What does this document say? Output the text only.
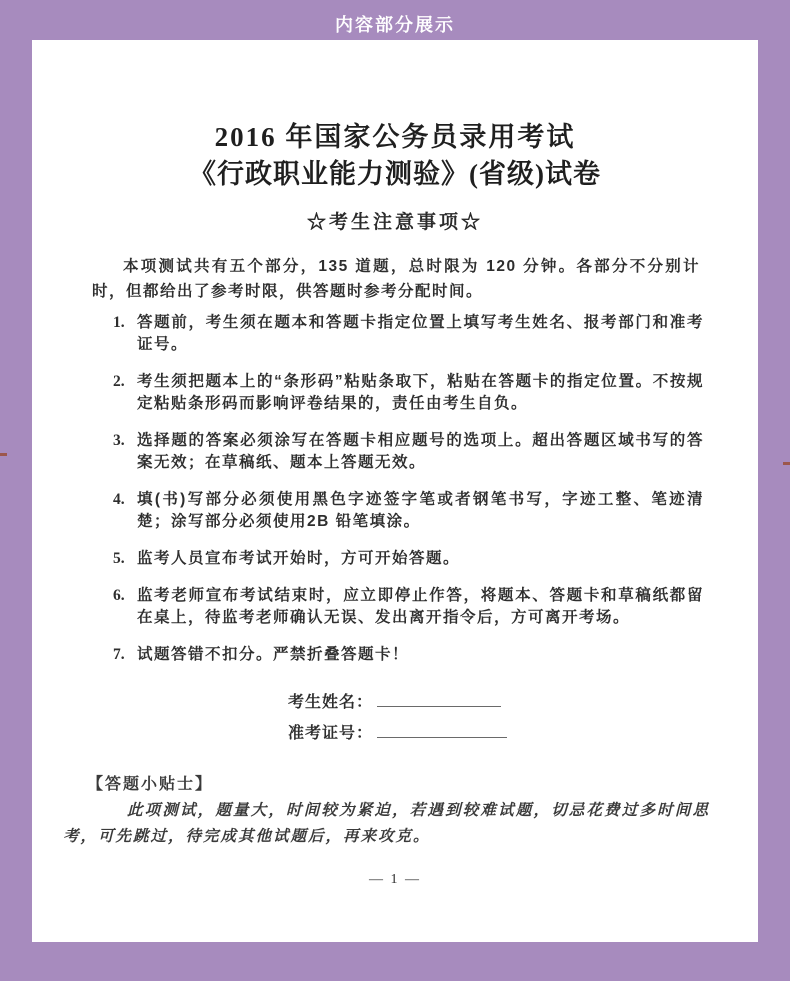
内容部分展示
2016 年国家公务员录用考试
《行政职业能力测验》(省级)试卷
☆考生注意事项☆

本项测试共有五个部分，135 道题，总时限为 120 分钟。各部分不分别计时，但都给出了参考时限，供答题时参考分配时间。

1. 答题前，考生须在题本和答题卡指定位置上填写考生姓名、报考部门和准考证号。
2. 考生须把题本上的“条形码”粘贴条取下，粘贴在答题卡的指定位置。不按规定粘贴条形码而影响评卷结果的，责任由考生自负。
3. 选择题的答案必须涂写在答题卡相应题号的选项上。超出答题区域书写的答案无效；在草稿纸、题本上答题无效。
4. 填(书)写部分必须使用黑色字迹签字笔或者钢笔书写，字迹工整、笔迹清楚；涂写部分必须使用2B 铅笔填涂。
5. 监考人员宣布考试开始时，方可开始答题。
6. 监考老师宣布考试结束时，应立即停止作答，将题本、答题卡和草稿纸都留在桌上，待监考老师确认无误、发出离开指令后，方可离开考场。
7. 试题答错不扣分。严禁折叠答题卡！
考生姓名：
准考证号：
【答题小贴士】

此项测试，题量大，时间较为紧迫，若遇到较难试题，切忌花费过多时间思考，可先跳过，待完成其他试题后，再来攻克。

— 1 —
